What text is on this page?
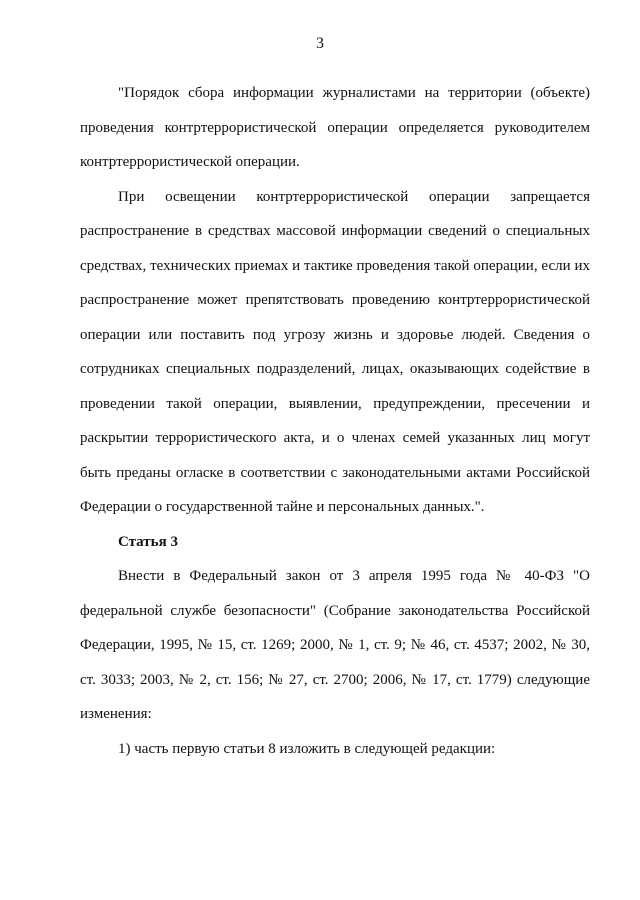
3

"Порядок сбора информации журналистами на территории (объекте) проведения контртеррористической операции определяется руководителем контртеррористической операции.

При освещении контртеррористической операции запрещается распространение в средствах массовой информации сведений о специальных средствах, технических приемах и тактике проведения такой операции, если их распространение может препятствовать проведению контртеррористической операции или поставить под угрозу жизнь и здоровье людей. Сведения о сотрудниках специальных подразделений, лицах, оказывающих содействие в проведении такой операции, выявлении, предупреждении, пресечении и раскрытии террористического акта, и о членах семей указанных лиц могут быть преданы огласке в соответствии с законодательными актами Российской Федерации о государственной тайне и персональных данных.".

Статья 3

Внести в Федеральный закон от 3 апреля 1995 года № 40-ФЗ "О федеральной службе безопасности" (Собрание законодательства Российской Федерации, 1995, № 15, ст. 1269; 2000, № 1, ст. 9; № 46, ст. 4537; 2002, № 30, ст. 3033; 2003, № 2, ст. 156; № 27, ст. 2700; 2006, № 17, ст. 1779) следующие изменения:

1) часть первую статьи 8 изложить в следующей редакции:
